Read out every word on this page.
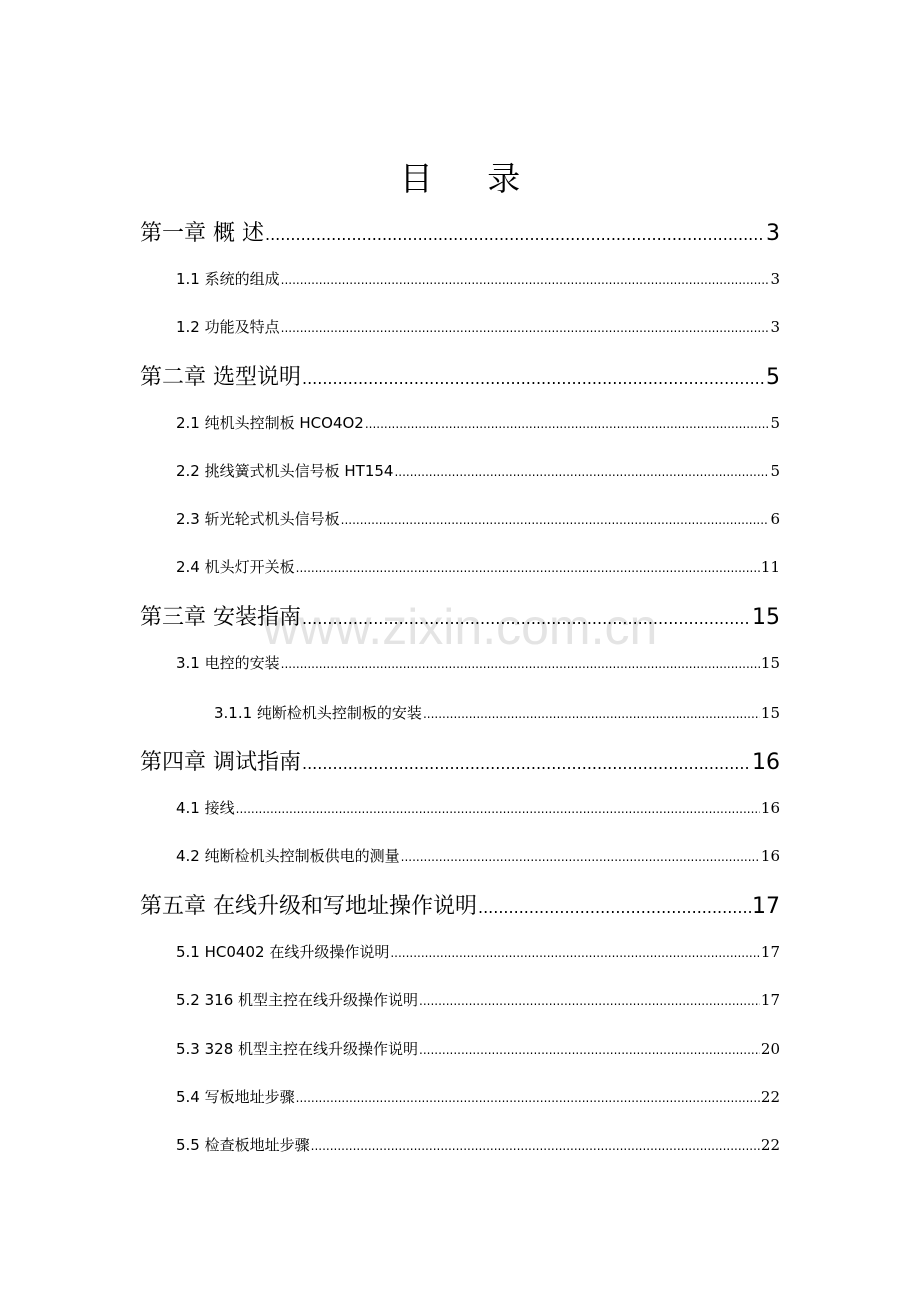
www.zixin.com.cn
目 录
第一章 概 述 .....	3
1.1 系统的组成 .....	3
1.2 功能及特点 .....	3
第二章 选型说明 .....	5
2.1 纯机头控制板 HCO4O2 .....	5
2.2 挑线簧式机头信号板 HT154 .....	5
2.3 斩光轮式机头信号板 .....	6
2.4 机头灯开关板 .....	11
第三章 安装指南 .....	15
3.1 电控的安装 .....	15
3.1.1 纯断检机头控制板的安装 .....	15
第四章 调试指南 .....	16
4.1 接线 .....	16
4.2 纯断检机头控制板供电的测量 .....	16
第五章 在线升级和写地址操作说明 .....	17
5.1 HC0402 在线升级操作说明 .....	17
5.2 316 机型主控在线升级操作说明 .....	17
5.3 328 机型主控在线升级操作说明 .....	20
5.4 写板地址步骤 .....	22
5.5 检查板地址步骤 .....	22
